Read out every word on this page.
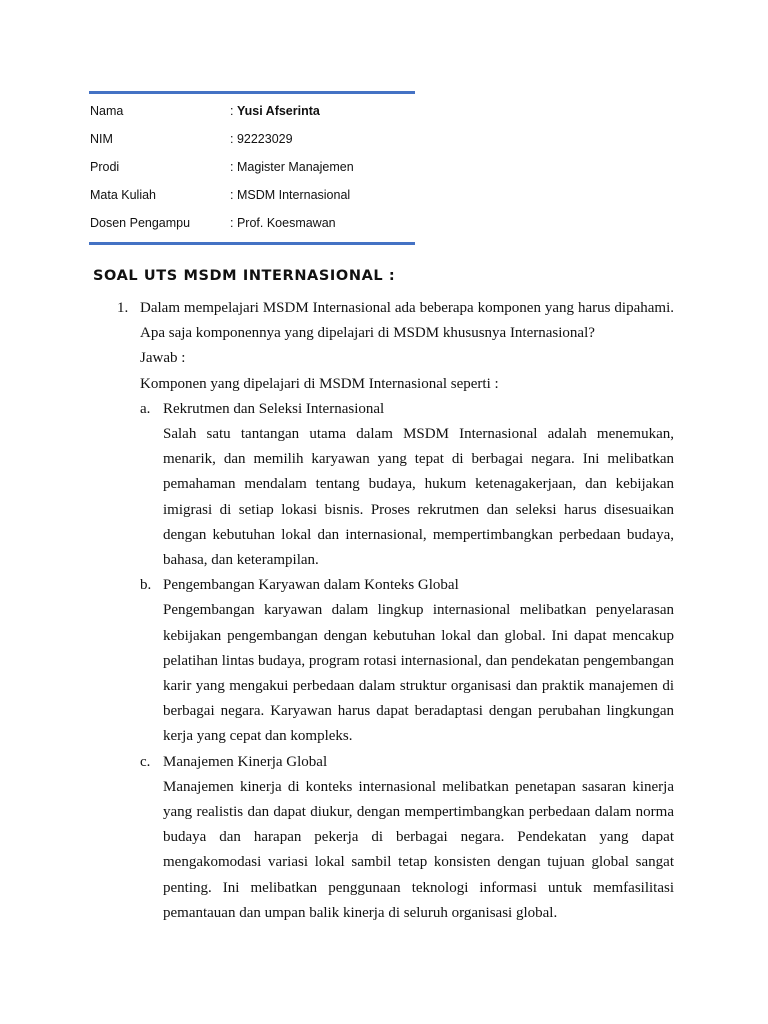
Nama	: Yusi Afserinta
NIM	: 92223029
Prodi	: Magister Manajemen
Mata Kuliah	: MSDM Internasional
Dosen Pengampu	: Prof. Koesmawan
SOAL UTS MSDM INTERNASIONAL :
1. Dalam mempelajari MSDM Internasional ada beberapa komponen yang harus dipahami. Apa saja komponennya yang dipelajari di MSDM khususnya Internasional?
Jawab :
Komponen yang dipelajari di MSDM Internasional seperti :
a. Rekrutmen dan Seleksi Internasional
Salah satu tantangan utama dalam MSDM Internasional adalah menemukan, menarik, dan memilih karyawan yang tepat di berbagai negara. Ini melibatkan pemahaman mendalam tentang budaya, hukum ketenagakerjaan, dan kebijakan imigrasi di setiap lokasi bisnis. Proses rekrutmen dan seleksi harus disesuaikan dengan kebutuhan lokal dan internasional, mempertimbangkan perbedaan budaya, bahasa, dan keterampilan.
b. Pengembangan Karyawan dalam Konteks Global
Pengembangan karyawan dalam lingkup internasional melibatkan penyelarasan kebijakan pengembangan dengan kebutuhan lokal dan global. Ini dapat mencakup pelatihan lintas budaya, program rotasi internasional, dan pendekatan pengembangan karir yang mengakui perbedaan dalam struktur organisasi dan praktik manajemen di berbagai negara. Karyawan harus dapat beradaptasi dengan perubahan lingkungan kerja yang cepat dan kompleks.
c. Manajemen Kinerja Global
Manajemen kinerja di konteks internasional melibatkan penetapan sasaran kinerja yang realistis dan dapat diukur, dengan mempertimbangkan perbedaan dalam norma budaya dan harapan pekerja di berbagai negara. Pendekatan yang dapat mengakomodasi variasi lokal sambil tetap konsisten dengan tujuan global sangat penting. Ini melibatkan penggunaan teknologi informasi untuk memfasilitasi pemantauan dan umpan balik kinerja di seluruh organisasi global.
